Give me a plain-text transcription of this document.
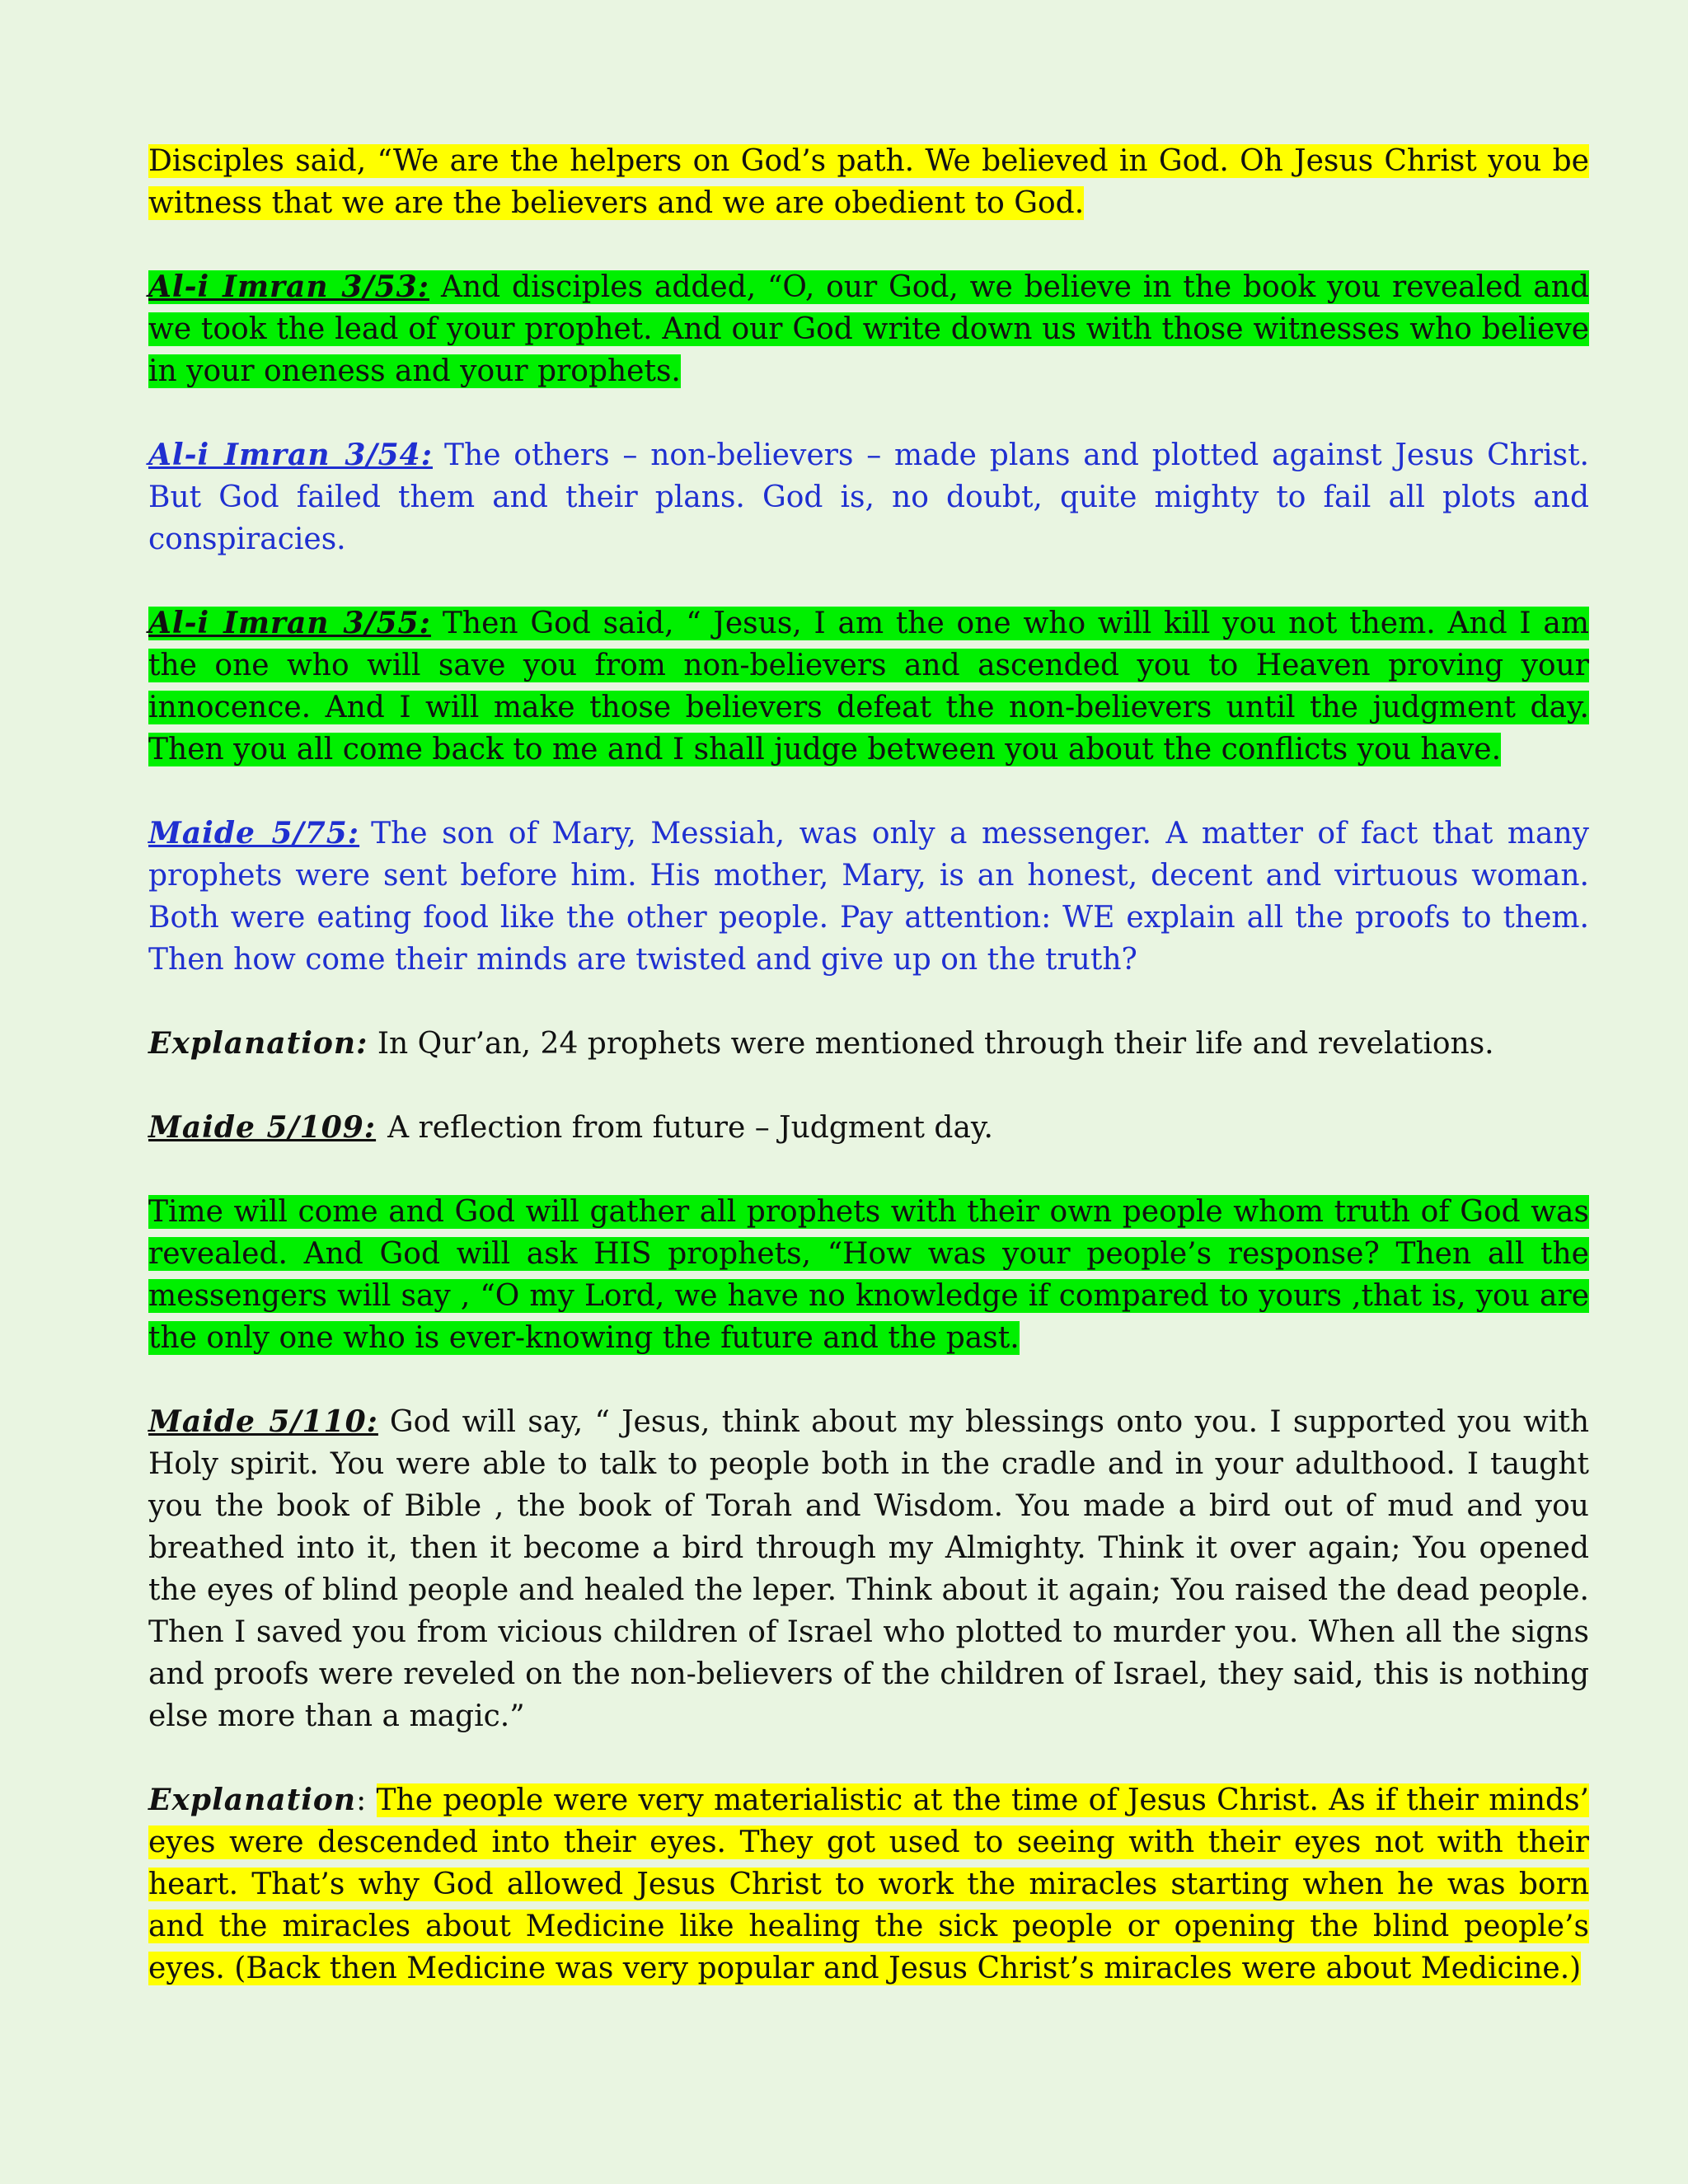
Disciples said, “We are the helpers on God’s path. We believed in God. Oh Jesus Christ you be witness that we are the believers and we are obedient to God.

Al-i Imran 3/53: And disciples added, “O, our God, we believe in the book you revealed and we took the lead of your prophet. And our God write down us with those witnesses who believe in your oneness and your prophets.

Al-i Imran 3/54: The others – non-believers – made plans and plotted against Jesus Christ. But God failed them and their plans. God is, no doubt, quite mighty to fail all plots and conspiracies.

Al-i Imran 3/55: Then God said, “ Jesus, I am the one who will kill you not them. And I am the one who will save you from non-believers and ascended you to Heaven proving your innocence. And I will make those believers defeat the non-believers until the judgment day. Then you all come back to me and I shall judge between you about the conflicts you have.

Maide 5/75: The son of Mary, Messiah, was only a messenger. A matter of fact that many prophets were sent before him. His mother, Mary, is an honest, decent and virtuous woman. Both were eating food like the other people. Pay attention: WE explain all the proofs to them. Then how come their minds are twisted and give up on the truth?

Explanation: In Qur’an, 24 prophets were mentioned through their life and revelations.

Maide 5/109: A reflection from future – Judgment day.

Time will come and God will gather all prophets with their own people whom truth of God was revealed. And God will ask HIS prophets, “How was your people’s response? Then all the messengers will say , “O my Lord, we have no knowledge if compared to yours ,that is, you are the only one who is ever-knowing the future and the past.

Maide 5/110: God will say, “ Jesus, think about my blessings onto you. I supported you with Holy spirit. You were able to talk to people both in the cradle and in your adulthood. I taught you the book of Bible , the book of Torah and Wisdom. You made a bird out of mud and you breathed into it, then it become a bird through my Almighty. Think it over again; You opened the eyes of blind people and healed the leper. Think about it again; You raised the dead people. Then I saved you from vicious children of Israel who plotted to murder you. When all the signs and proofs were reveled on the non-believers of the children of Israel, they said, this is nothing else more than a magic.”

Explanation: The people were very materialistic at the time of Jesus Christ. As if their minds’ eyes were descended into their eyes. They got used to seeing with their eyes not with their heart. That’s why God allowed Jesus Christ to work the miracles starting when he was born and the miracles about Medicine like healing the sick people or opening the blind people’s eyes. (Back then Medicine was very popular and Jesus Christ’s miracles were about Medicine.)
